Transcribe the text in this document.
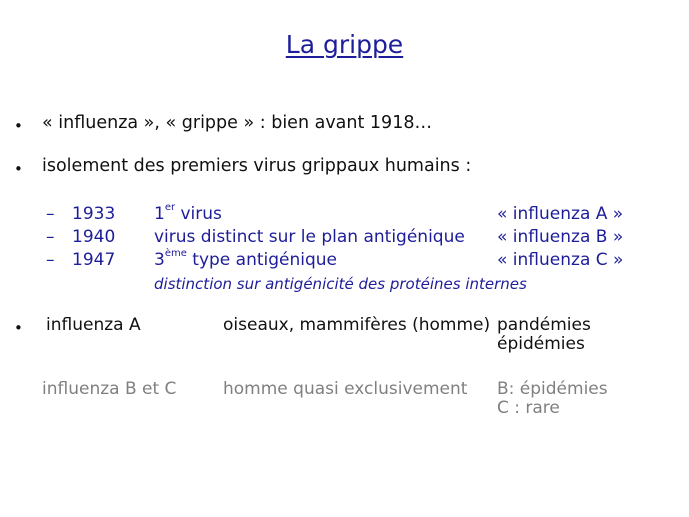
La grippe
• « influenza », « grippe » : bien avant 1918…
• isolement des premiers virus grippaux humains :
– 1933 1er virus	« influenza A »
– 1940 virus distinct sur le plan antigénique « influenza B »
– 1947 3ème type antigénique	« influenza C »
distinction sur antigénicité des protéines internes
• influenza A	oiseaux, mammifères (homme) pandémies
épidémies
influenza B et C	homme quasi exclusivement B: épidémies
C : rare
